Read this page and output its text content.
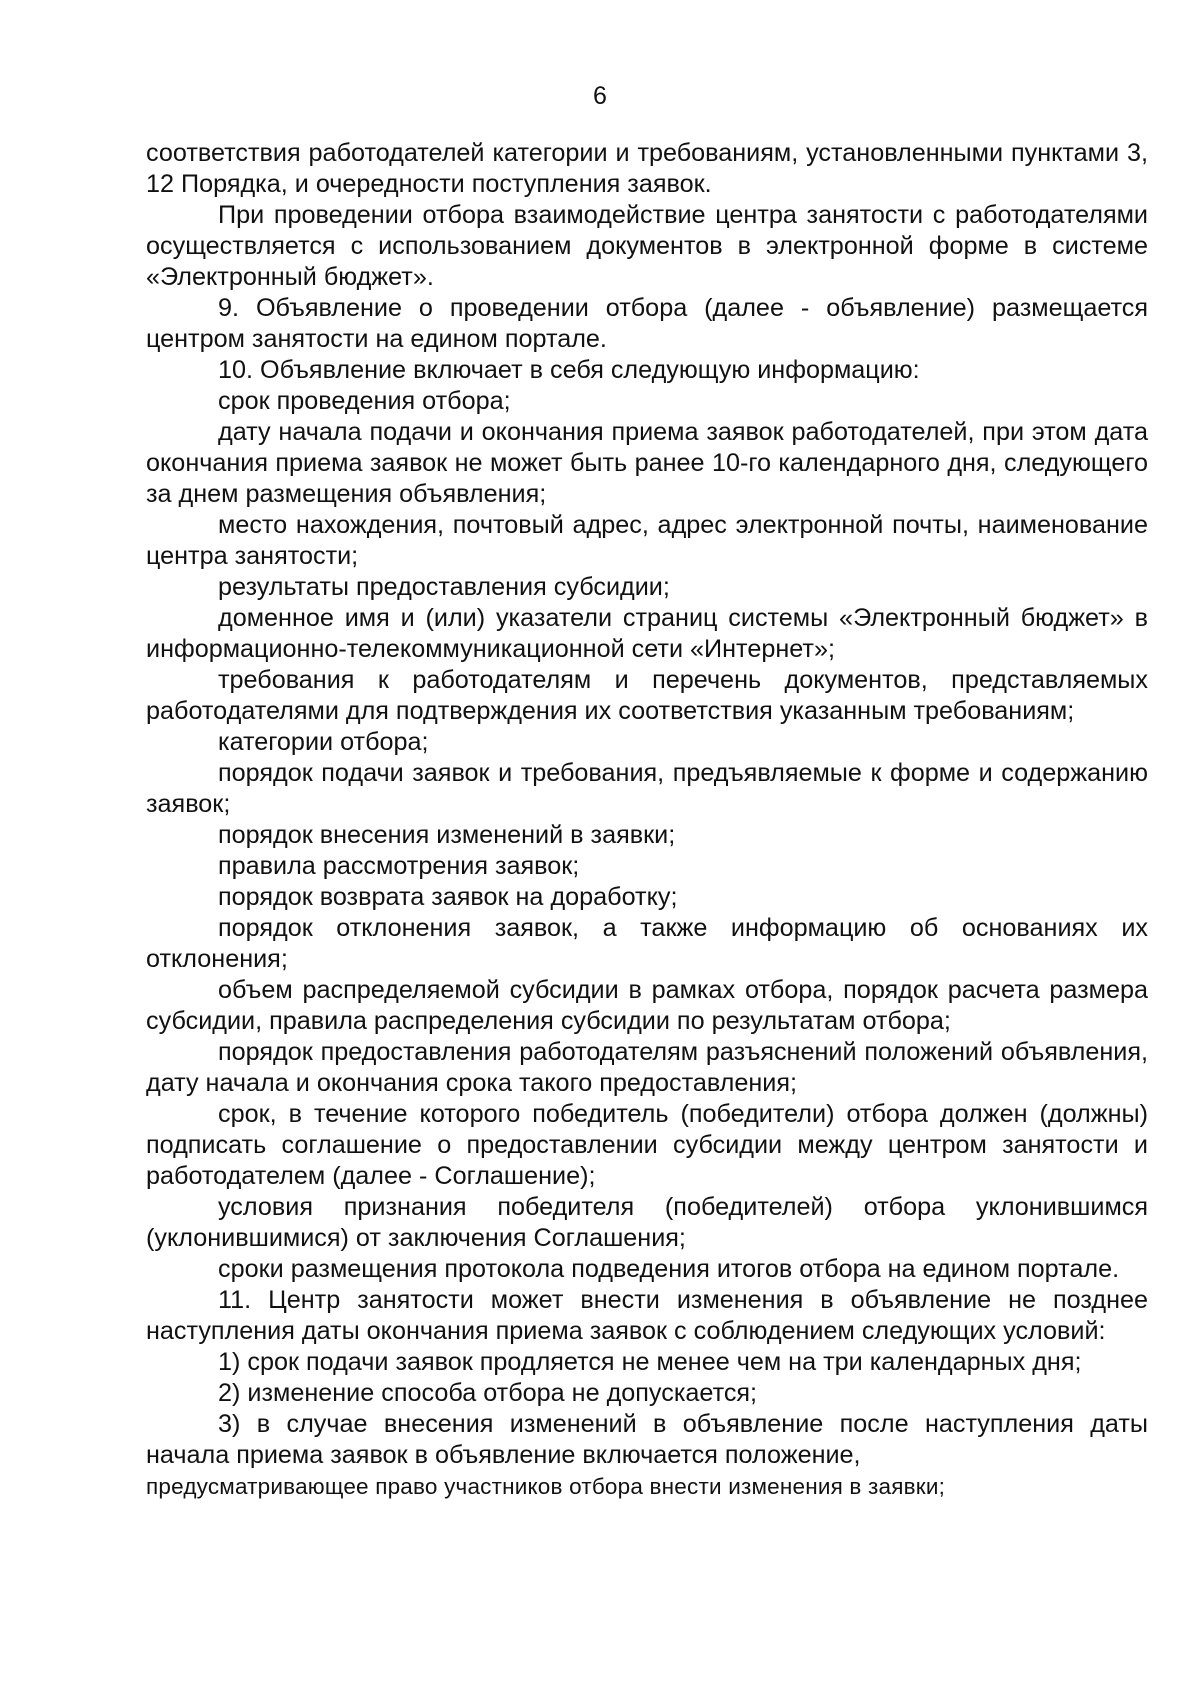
6

соответствия работодателей категории и требованиям, установленными пунктами 3, 12 Порядка, и очередности поступления заявок.

При проведении отбора взаимодействие центра занятости с работодателями осуществляется с использованием документов в электронной форме в системе «Электронный бюджет».

9. Объявление о проведении отбора (далее - объявление) размещается центром занятости на едином портале.

10. Объявление включает в себя следующую информацию:

срок проведения отбора;

дату начала подачи и окончания приема заявок работодателей, при этом дата окончания приема заявок не может быть ранее 10-го календарного дня, следующего за днем размещения объявления;

место нахождения, почтовый адрес, адрес электронной почты, наименование центра занятости;

результаты предоставления субсидии;

доменное имя и (или) указатели страниц системы «Электронный бюджет» в информационно-телекоммуникационной сети «Интернет»;

требования к работодателям и перечень документов, представляемых работодателями для подтверждения их соответствия указанным требованиям;

категории отбора;

порядок подачи заявок и требования, предъявляемые к форме и содержанию заявок;

порядок внесения изменений в заявки;

правила рассмотрения заявок;

порядок возврата заявок на доработку;

порядок отклонения заявок, а также информацию об основаниях их отклонения;

объем распределяемой субсидии в рамках отбора, порядок расчета размера субсидии, правила распределения субсидии по результатам отбора;

порядок предоставления работодателям разъяснений положений объявления, дату начала и окончания срока такого предоставления;

срок, в течение которого победитель (победители) отбора должен (должны) подписать соглашение о предоставлении субсидии между центром занятости и работодателем (далее - Соглашение);

условия признания победителя (победителей) отбора уклонившимся (уклонившимися) от заключения Соглашения;

сроки размещения протокола подведения итогов отбора на едином портале.

11. Центр занятости может внести изменения в объявление не позднее наступления даты окончания приема заявок с соблюдением следующих условий:

1) срок подачи заявок продляется не менее чем на три календарных дня;

2) изменение способа отбора не допускается;

3) в случае внесения изменений в объявление после наступления даты начала приема заявок в объявление включается положение,

предусматривающее право участников отбора внести изменения в заявки;
